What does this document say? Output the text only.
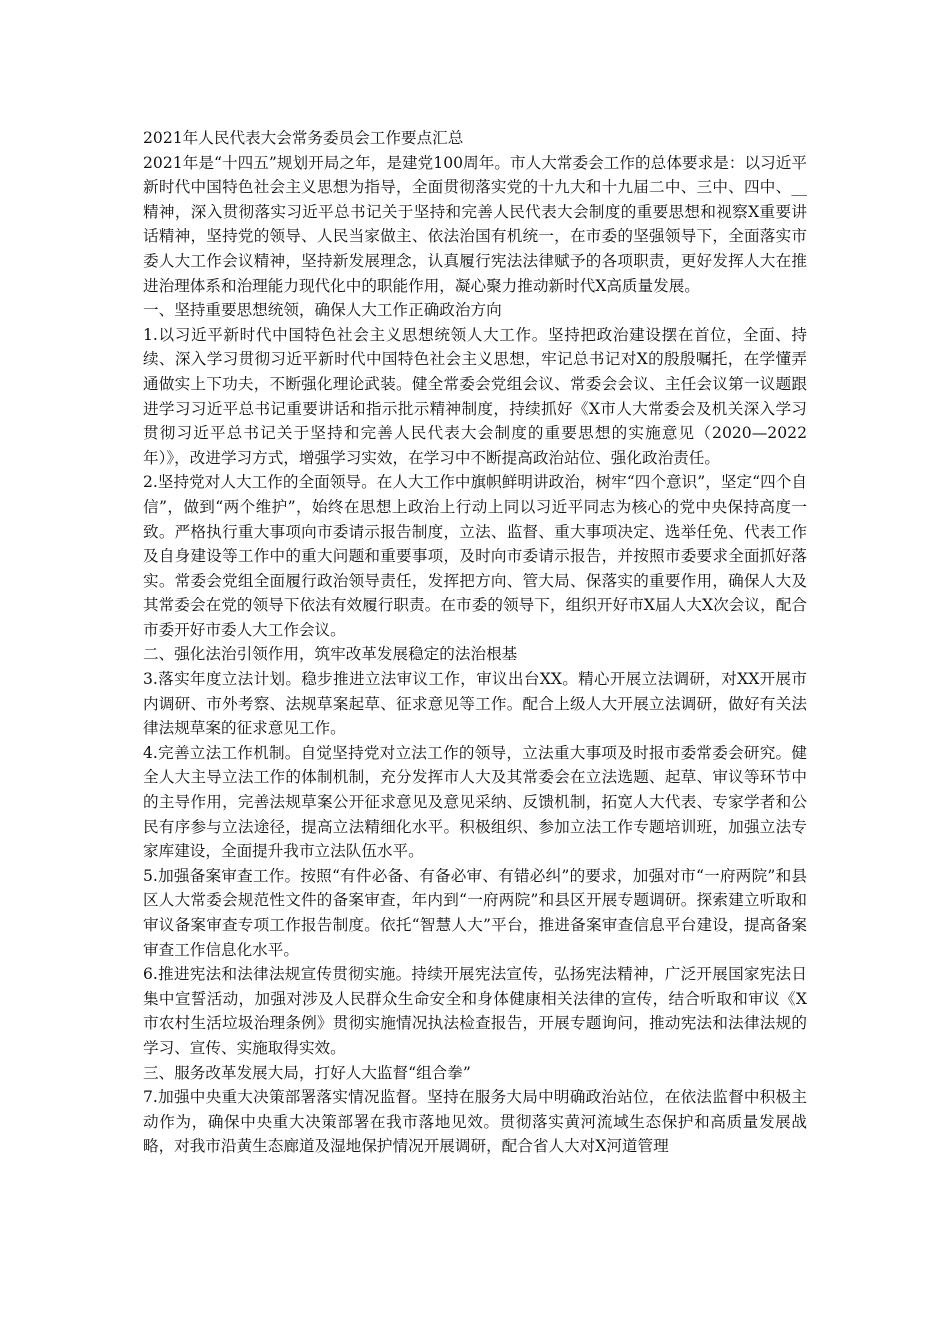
2021年人民代表大会常务委员会工作要点汇总

2021年是“十四五”规划开局之年，是建党100周年。市人大常委会工作的总体要求是：以习近平新时代中国特色社会主义思想为指导，全面贯彻落实党的十九大和十九届二中、三中、四中、__精神，深入贯彻落实习近平总书记关于坚持和完善人民代表大会制度的重要思想和视察X重要讲话精神，坚持党的领导、人民当家做主、依法治国有机统一，在市委的坚强领导下，全面落实市委人大工作会议精神，坚持新发展理念，认真履行宪法法律赋予的各项职责，更好发挥人大在推进治理体系和治理能力现代化中的职能作用，凝心聚力推动新时代X高质量发展。

一、坚持重要思想统领，确保人大工作正确政治方向

1.以习近平新时代中国特色社会主义思想统领人大工作。坚持把政治建设摆在首位，全面、持续、深入学习贯彻习近平新时代中国特色社会主义思想，牢记总书记对X的殷殷嘱托，在学懂弄通做实上下功夫，不断强化理论武装。健全常委会党组会议、常委会会议、主任会议第一议题跟进学习习近平总书记重要讲话和指示批示精神制度，持续抓好《X市人大常委会及机关深入学习贯彻习近平总书记关于坚持和完善人民代表大会制度的重要思想的实施意见（2020—2022年）》，改进学习方式，增强学习实效，在学习中不断提高政治站位、强化政治责任。

2.坚持党对人大工作的全面领导。在人大工作中旗帜鲜明讲政治，树牢“四个意识”，坚定“四个自信”，做到“两个维护”，始终在思想上政治上行动上同以习近平同志为核心的党中央保持高度一致。严格执行重大事项向市委请示报告制度，立法、监督、重大事项决定、选举任免、代表工作及自身建设等工作中的重大问题和重要事项，及时向市委请示报告，并按照市委要求全面抓好落实。常委会党组全面履行政治领导责任，发挥把方向、管大局、保落实的重要作用，确保人大及其常委会在党的领导下依法有效履行职责。在市委的领导下，组织开好市X届人大X次会议，配合市委开好市委人大工作会议。

二、强化法治引领作用，筑牢改革发展稳定的法治根基

3.落实年度立法计划。稳步推进立法审议工作，审议出台XX。精心开展立法调研，对XX开展市内调研、市外考察、法规草案起草、征求意见等工作。配合上级人大开展立法调研，做好有关法律法规草案的征求意见工作。

4.完善立法工作机制。自觉坚持党对立法工作的领导，立法重大事项及时报市委常委会研究。健全人大主导立法工作的体制机制，充分发挥市人大及其常委会在立法选题、起草、审议等环节中的主导作用，完善法规草案公开征求意见及意见采纳、反馈机制，拓宽人大代表、专家学者和公民有序参与立法途径，提高立法精细化水平。积极组织、参加立法工作专题培训班，加强立法专家库建设，全面提升我市立法队伍水平。

5.加强备案审查工作。按照“有件必备、有备必审、有错必纠”的要求，加强对市“一府两院”和县区人大常委会规范性文件的备案审查，年内到“一府两院”和县区开展专题调研。探索建立听取和审议备案审查专项工作报告制度。依托“智慧人大”平台，推进备案审查信息平台建设，提高备案审查工作信息化水平。

6.推进宪法和法律法规宣传贯彻实施。持续开展宪法宣传，弘扬宪法精神，广泛开展国家宪法日集中宣誓活动，加强对涉及人民群众生命安全和身体健康相关法律的宣传，结合听取和审议《X市农村生活垃圾治理条例》贯彻实施情况执法检查报告，开展专题询问，推动宪法和法律法规的学习、宣传、实施取得实效。

三、服务改革发展大局，打好人大监督“组合拳”

7.加强中央重大决策部署落实情况监督。坚持在服务大局中明确政治站位，在依法监督中积极主动作为，确保中央重大决策部署在我市落地见效。贯彻落实黄河流域生态保护和高质量发展战略，对我市沿黄生态廊道及湿地保护情况开展调研，配合省人大对X河道管理
